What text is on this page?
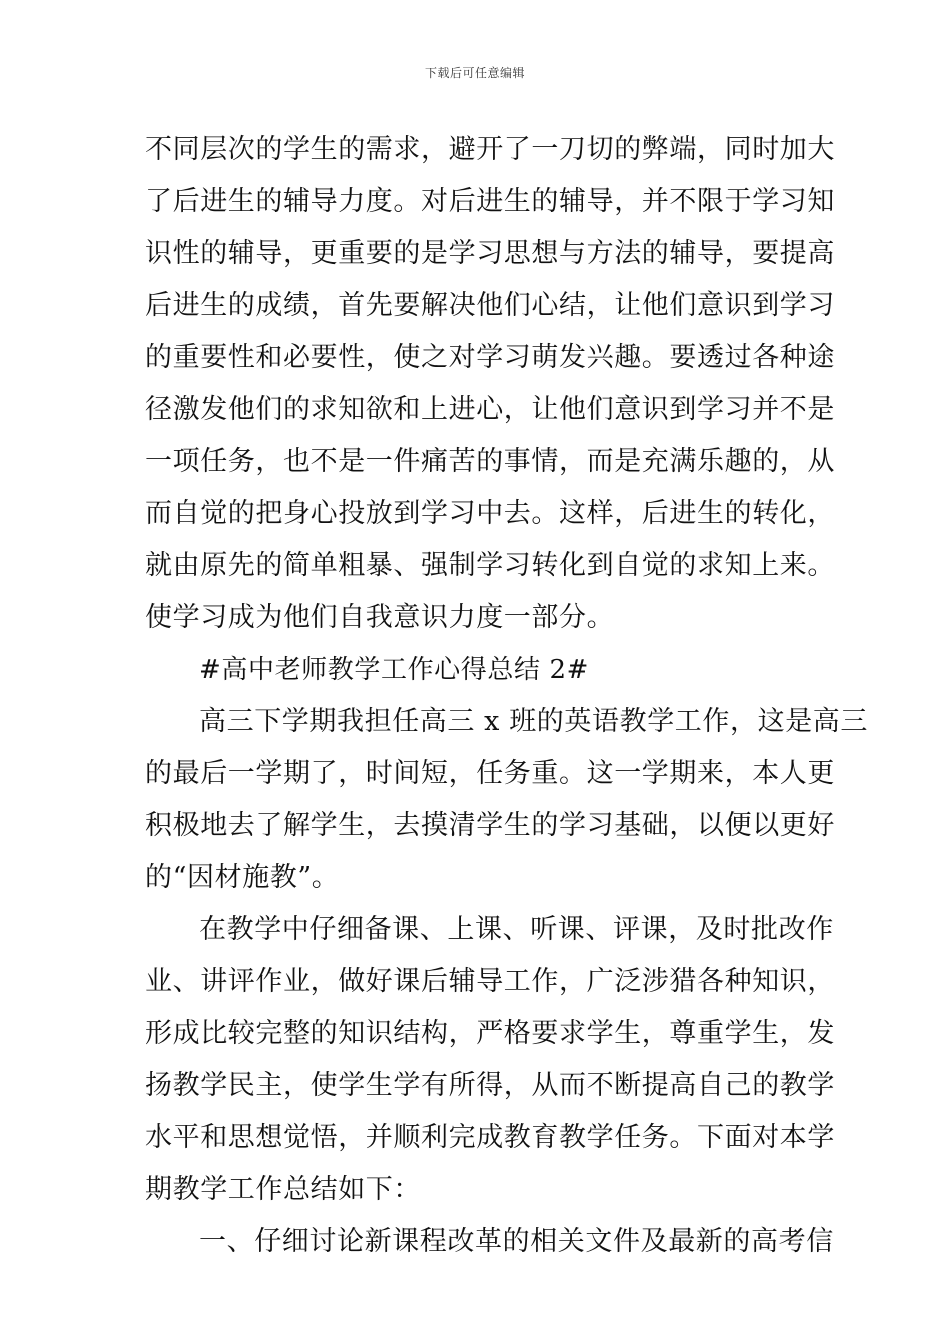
下载后可任意编辑
不同层次的学生的需求，避开了一刀切的弊端，同时加大
了后进生的辅导力度。对后进生的辅导，并不限于学习知
识性的辅导，更重要的是学习思想与方法的辅导，要提高
后进生的成绩，首先要解决他们心结，让他们意识到学习
的重要性和必要性，使之对学习萌发兴趣。要透过各种途
径激发他们的求知欲和上进心，让他们意识到学习并不是
一项任务，也不是一件痛苦的事情，而是充满乐趣的，从
而自觉的把身心投放到学习中去。这样，后进生的转化，
就由原先的简单粗暴、强制学习转化到自觉的求知上来。
使学习成为他们自我意识力度一部分。
#高中老师教学工作心得总结 2#
高三下学期我担任高三 x 班的英语教学工作，这是高三
的最后一学期了，时间短，任务重。这一学期来，本人更
积极地去了解学生，去摸清学生的学习基础，以便以更好
的“因材施教”。
在教学中仔细备课、上课、听课、评课，及时批改作
业、讲评作业，做好课后辅导工作，广泛涉猎各种知识，
形成比较完整的知识结构，严格要求学生，尊重学生，发
扬教学民主，使学生学有所得，从而不断提高自己的教学
水平和思想觉悟，并顺利完成教育教学任务。下面对本学
期教学工作总结如下：
一、仔细讨论新课程改革的相关文件及最新的高考信
